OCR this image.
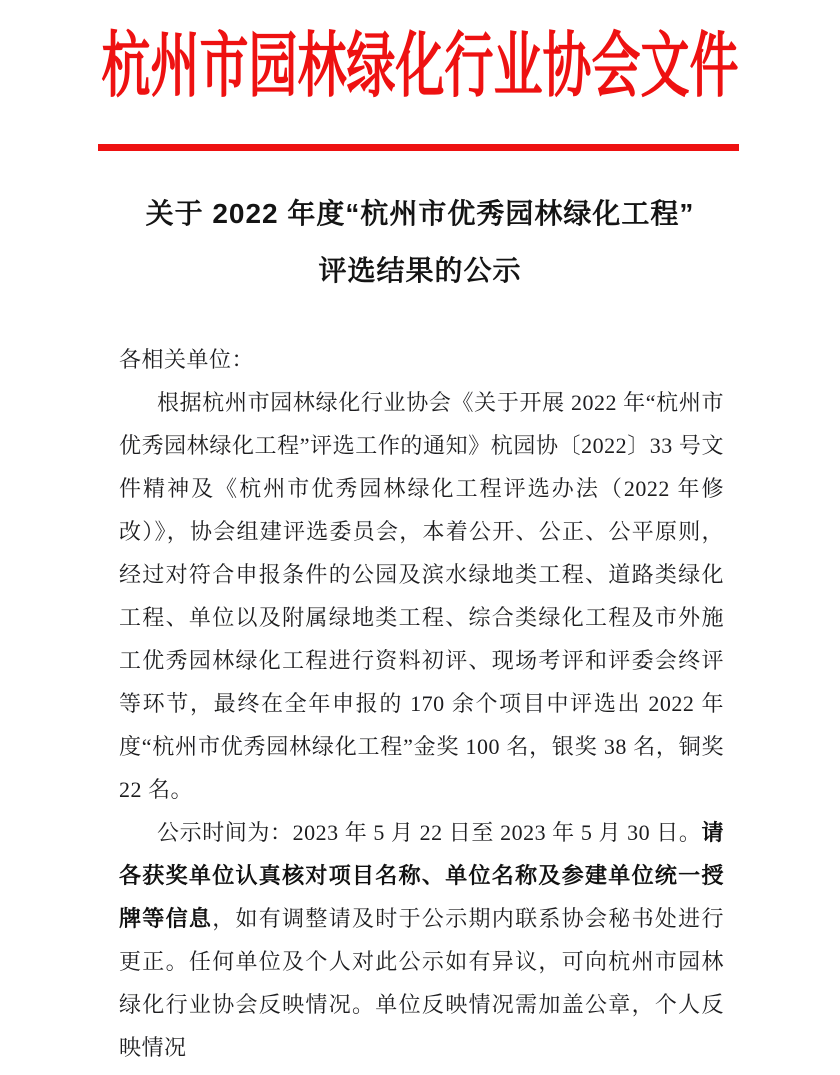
杭州市园林绿化行业协会文件
关于 2022 年度“杭州市优秀园林绿化工程”
评选结果的公示

各相关单位：

根据杭州市园林绿化行业协会《关于开展 2022 年“杭州市优秀园林绿化工程”评选工作的通知》杭园协〔2022〕33 号文件精神及《杭州市优秀园林绿化工程评选办法（2022 年修改）》，协会组建评选委员会，本着公开、公正、公平原则，经过对符合申报条件的公园及滨水绿地类工程、道路类绿化工程、单位以及附属绿地类工程、综合类绿化工程及市外施工优秀园林绿化工程进行资料初评、现场考评和评委会终评等环节，最终在全年申报的 170 余个项目中评选出 2022 年度“杭州市优秀园林绿化工程”金奖 100 名，银奖 38 名，铜奖 22 名。

公示时间为：2023 年 5 月 22 日至 2023 年 5 月 30 日。请各获奖单位认真核对项目名称、单位名称及参建单位统一授牌等信息，如有调整请及时于公示期内联系协会秘书处进行更正。任何单位及个人对此公示如有异议，可向杭州市园林绿化行业协会反映情况。单位反映情况需加盖公章，个人反映情况
